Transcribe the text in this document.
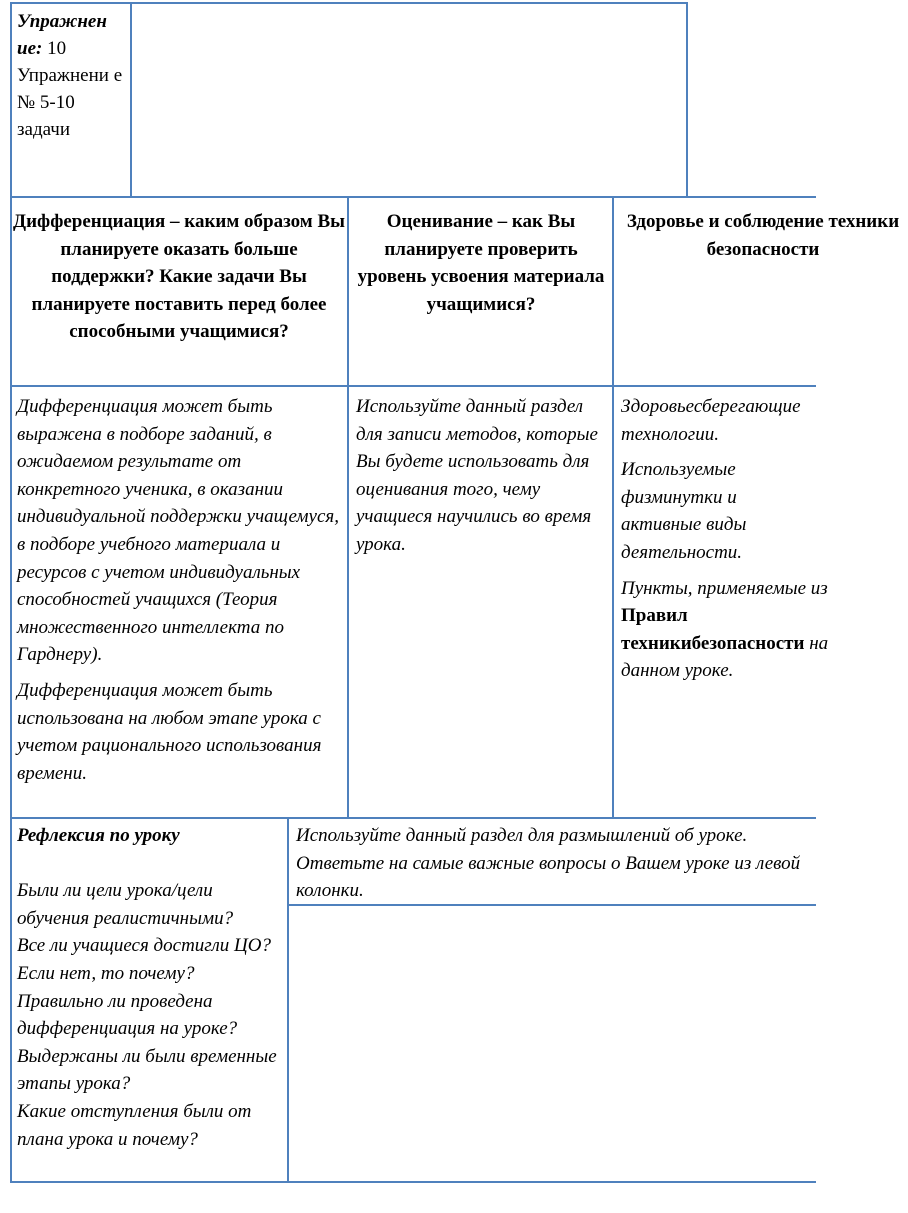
Упражнен ие: 10 Упражнени е № 5-10 задачи
Дифференциация – каким образом Вы планируете оказать больше поддержки? Какие задачи Вы планируете поставить перед более способными учащимися?
Оценивание – как Вы планируете проверить уровень усвоения материала учащимися?
Здоровье и соблюдение техники безопасности

Дифференциация может быть выражена в подборе заданий, в ожидаемом результате от конкретного ученика, в оказании индивидуальной поддержки учащемуся, в подборе учебного материала и ресурсов с учетом индивидуальных способностей учащихся (Теория множественного интеллекта по Гарднеру).

Дифференциация может быть использована на любом этапе урока с учетом рационального использования времени.

Используйте данный раздел для записи методов, которые Вы будете использовать для оценивания того, чему учащиеся научились во время урока.

Здоровьесберегающие технологии.

Используемые физминутки и активные виды деятельности.

Пункты, применяемые из Правил техникибезопасности на данном уроке.

Рефлексия по уроку

Были ли цели урока/цели обучения реалистичными?

Все ли учащиеся достигли ЦО?

Если нет, то почему?

Правильно ли проведена дифференциация на уроке?

Выдержаны ли были временные этапы урока?

Какие отступления были от плана урока и почему?

Используйте данный раздел для размышлений об уроке. Ответьте на самые важные вопросы о Вашем уроке из левой колонки.
